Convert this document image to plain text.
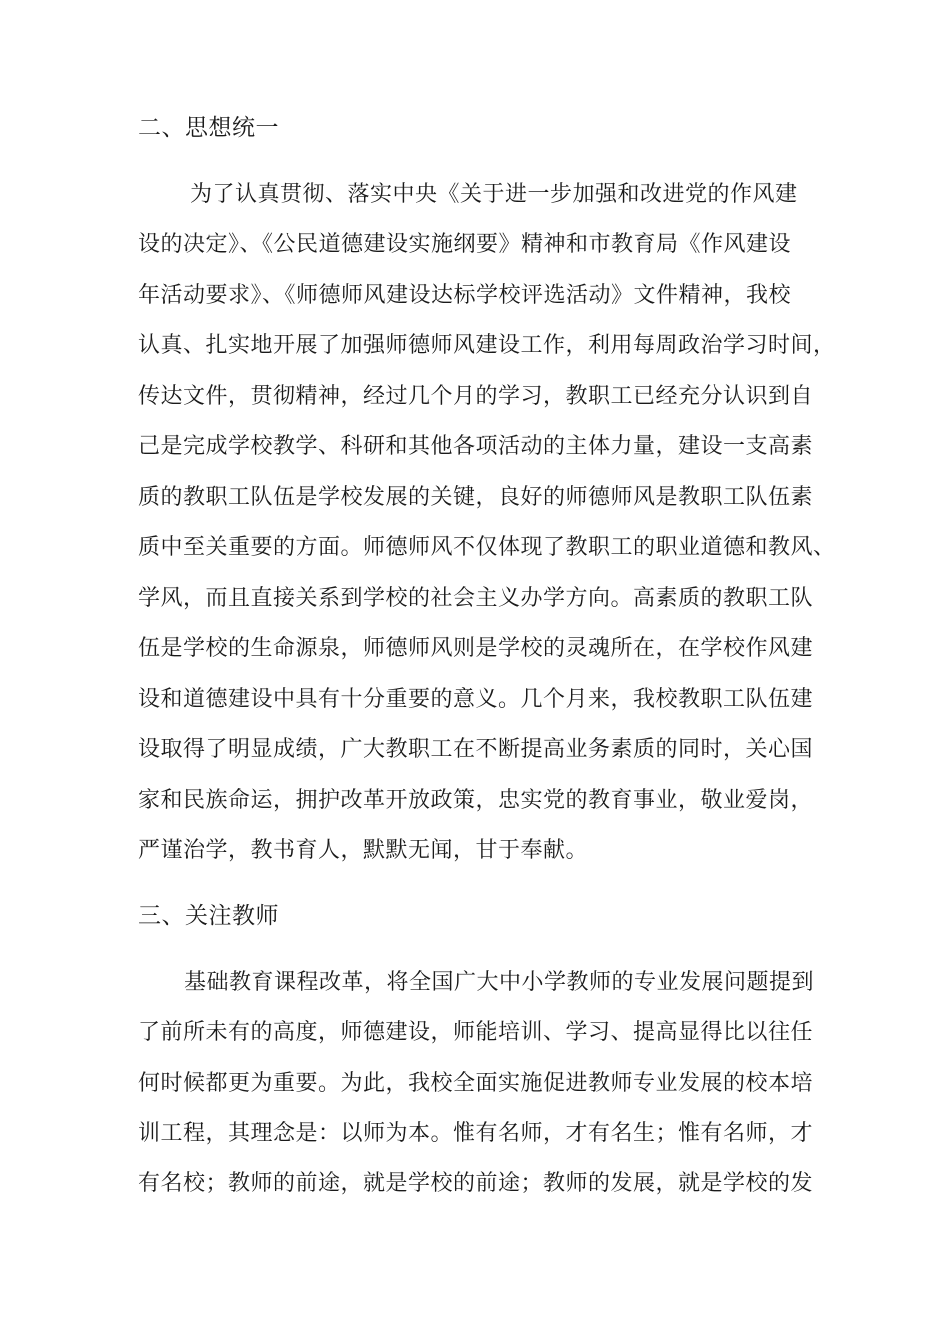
二、思想统一
为了认真贯彻、落实中央《关于进一步加强和改进党的作风建
设的决定》、《公民道德建设实施纲要》精神和市教育局《作风建设
年活动要求》、《师德师风建设达标学校评选活动》文件精神，我校
认真、扎实地开展了加强师德师风建设工作，利用每周政治学习时间，
传达文件，贯彻精神，经过几个月的学习，教职工已经充分认识到自
己是完成学校教学、科研和其他各项活动的主体力量，建设一支高素
质的教职工队伍是学校发展的关键，良好的师德师风是教职工队伍素
质中至关重要的方面。师德师风不仅体现了教职工的职业道德和教风、
学风，而且直接关系到学校的社会主义办学方向。高素质的教职工队
伍是学校的生命源泉，师德师风则是学校的灵魂所在，在学校作风建
设和道德建设中具有十分重要的意义。几个月来，我校教职工队伍建
设取得了明显成绩，广大教职工在不断提高业务素质的同时，关心国
家和民族命运，拥护改革开放政策，忠实党的教育事业，敬业爱岗，
严谨治学，教书育人，默默无闻，甘于奉献。
三、关注教师
基础教育课程改革，将全国广大中小学教师的专业发展问题提到
了前所未有的高度，师德建设，师能培训、学习、提高显得比以往任
何时候都更为重要。为此，我校全面实施促进教师专业发展的校本培
训工程，其理念是：以师为本。惟有名师，才有名生；惟有名师，才
有名校；教师的前途，就是学校的前途；教师的发展，就是学校的发
